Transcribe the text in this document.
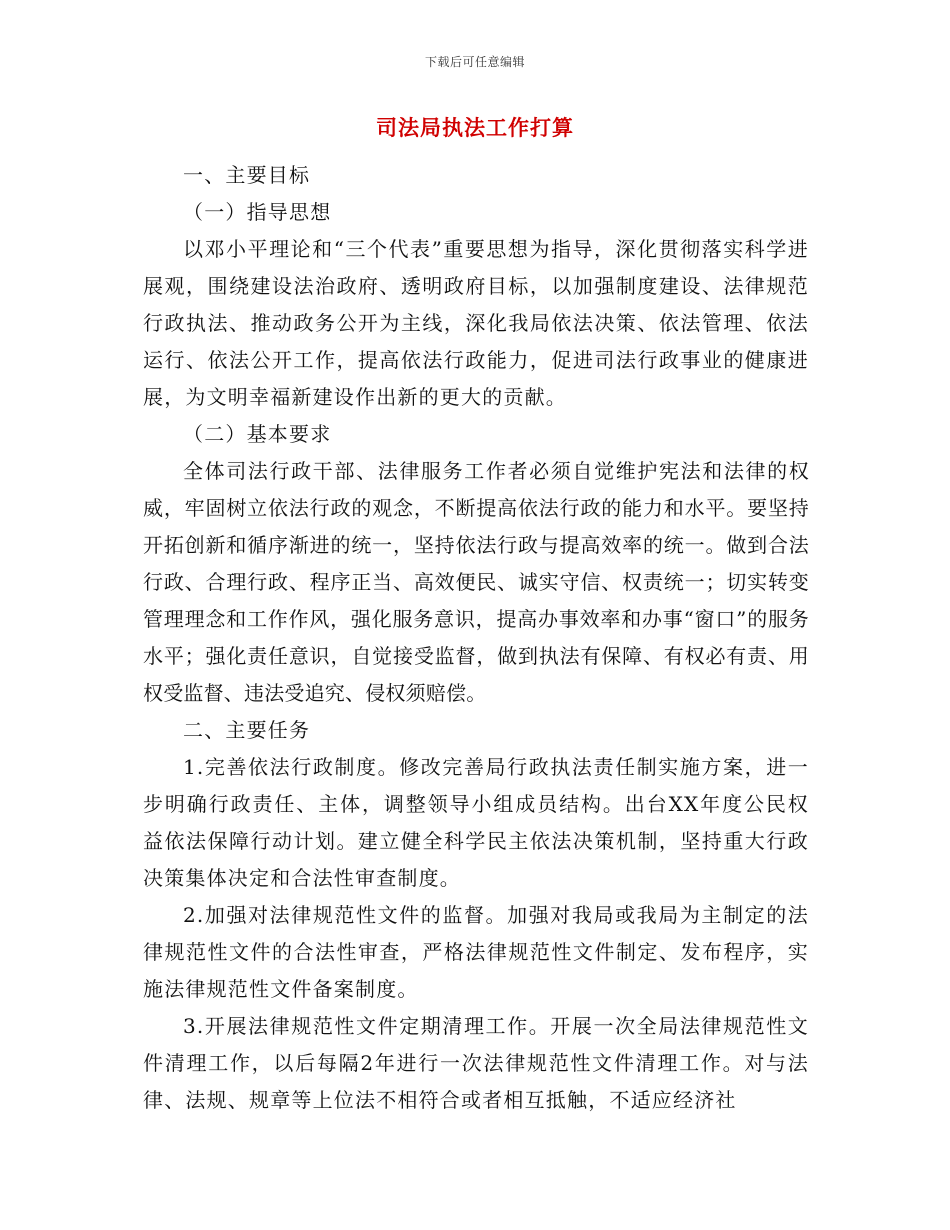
下载后可任意编辑
司法局执法工作打算

一、主要目标

（一）指导思想

以邓小平理论和“三个代表”重要思想为指导，深化贯彻落实科学进展观，围绕建设法治政府、透明政府目标，以加强制度建设、法律规范行政执法、推动政务公开为主线，深化我局依法决策、依法管理、依法运行、依法公开工作，提高依法行政能力，促进司法行政事业的健康进展，为文明幸福新建设作出新的更大的贡献。

（二）基本要求

全体司法行政干部、法律服务工作者必须自觉维护宪法和法律的权威，牢固树立依法行政的观念，不断提高依法行政的能力和水平。要坚持开拓创新和循序渐进的统一，坚持依法行政与提高效率的统一。做到合法行政、合理行政、程序正当、高效便民、诚实守信、权责统一；切实转变管理理念和工作作风，强化服务意识，提高办事效率和办事“窗口”的服务水平；强化责任意识，自觉接受监督，做到执法有保障、有权必有责、用权受监督、违法受追究、侵权须赔偿。

二、主要任务

1.完善依法行政制度。修改完善局行政执法责任制实施方案，进一步明确行政责任、主体，调整领导小组成员结构。出台XX年度公民权益依法保障行动计划。建立健全科学民主依法决策机制，坚持重大行政决策集体决定和合法性审查制度。

2.加强对法律规范性文件的监督。加强对我局或我局为主制定的法律规范性文件的合法性审查，严格法律规范性文件制定、发布程序，实施法律规范性文件备案制度。

3.开展法律规范性文件定期清理工作。开展一次全局法律规范性文件清理工作，以后每隔2年进行一次法律规范性文件清理工作。对与法律、法规、规章等上位法不相符合或者相互抵触，不适应经济社
